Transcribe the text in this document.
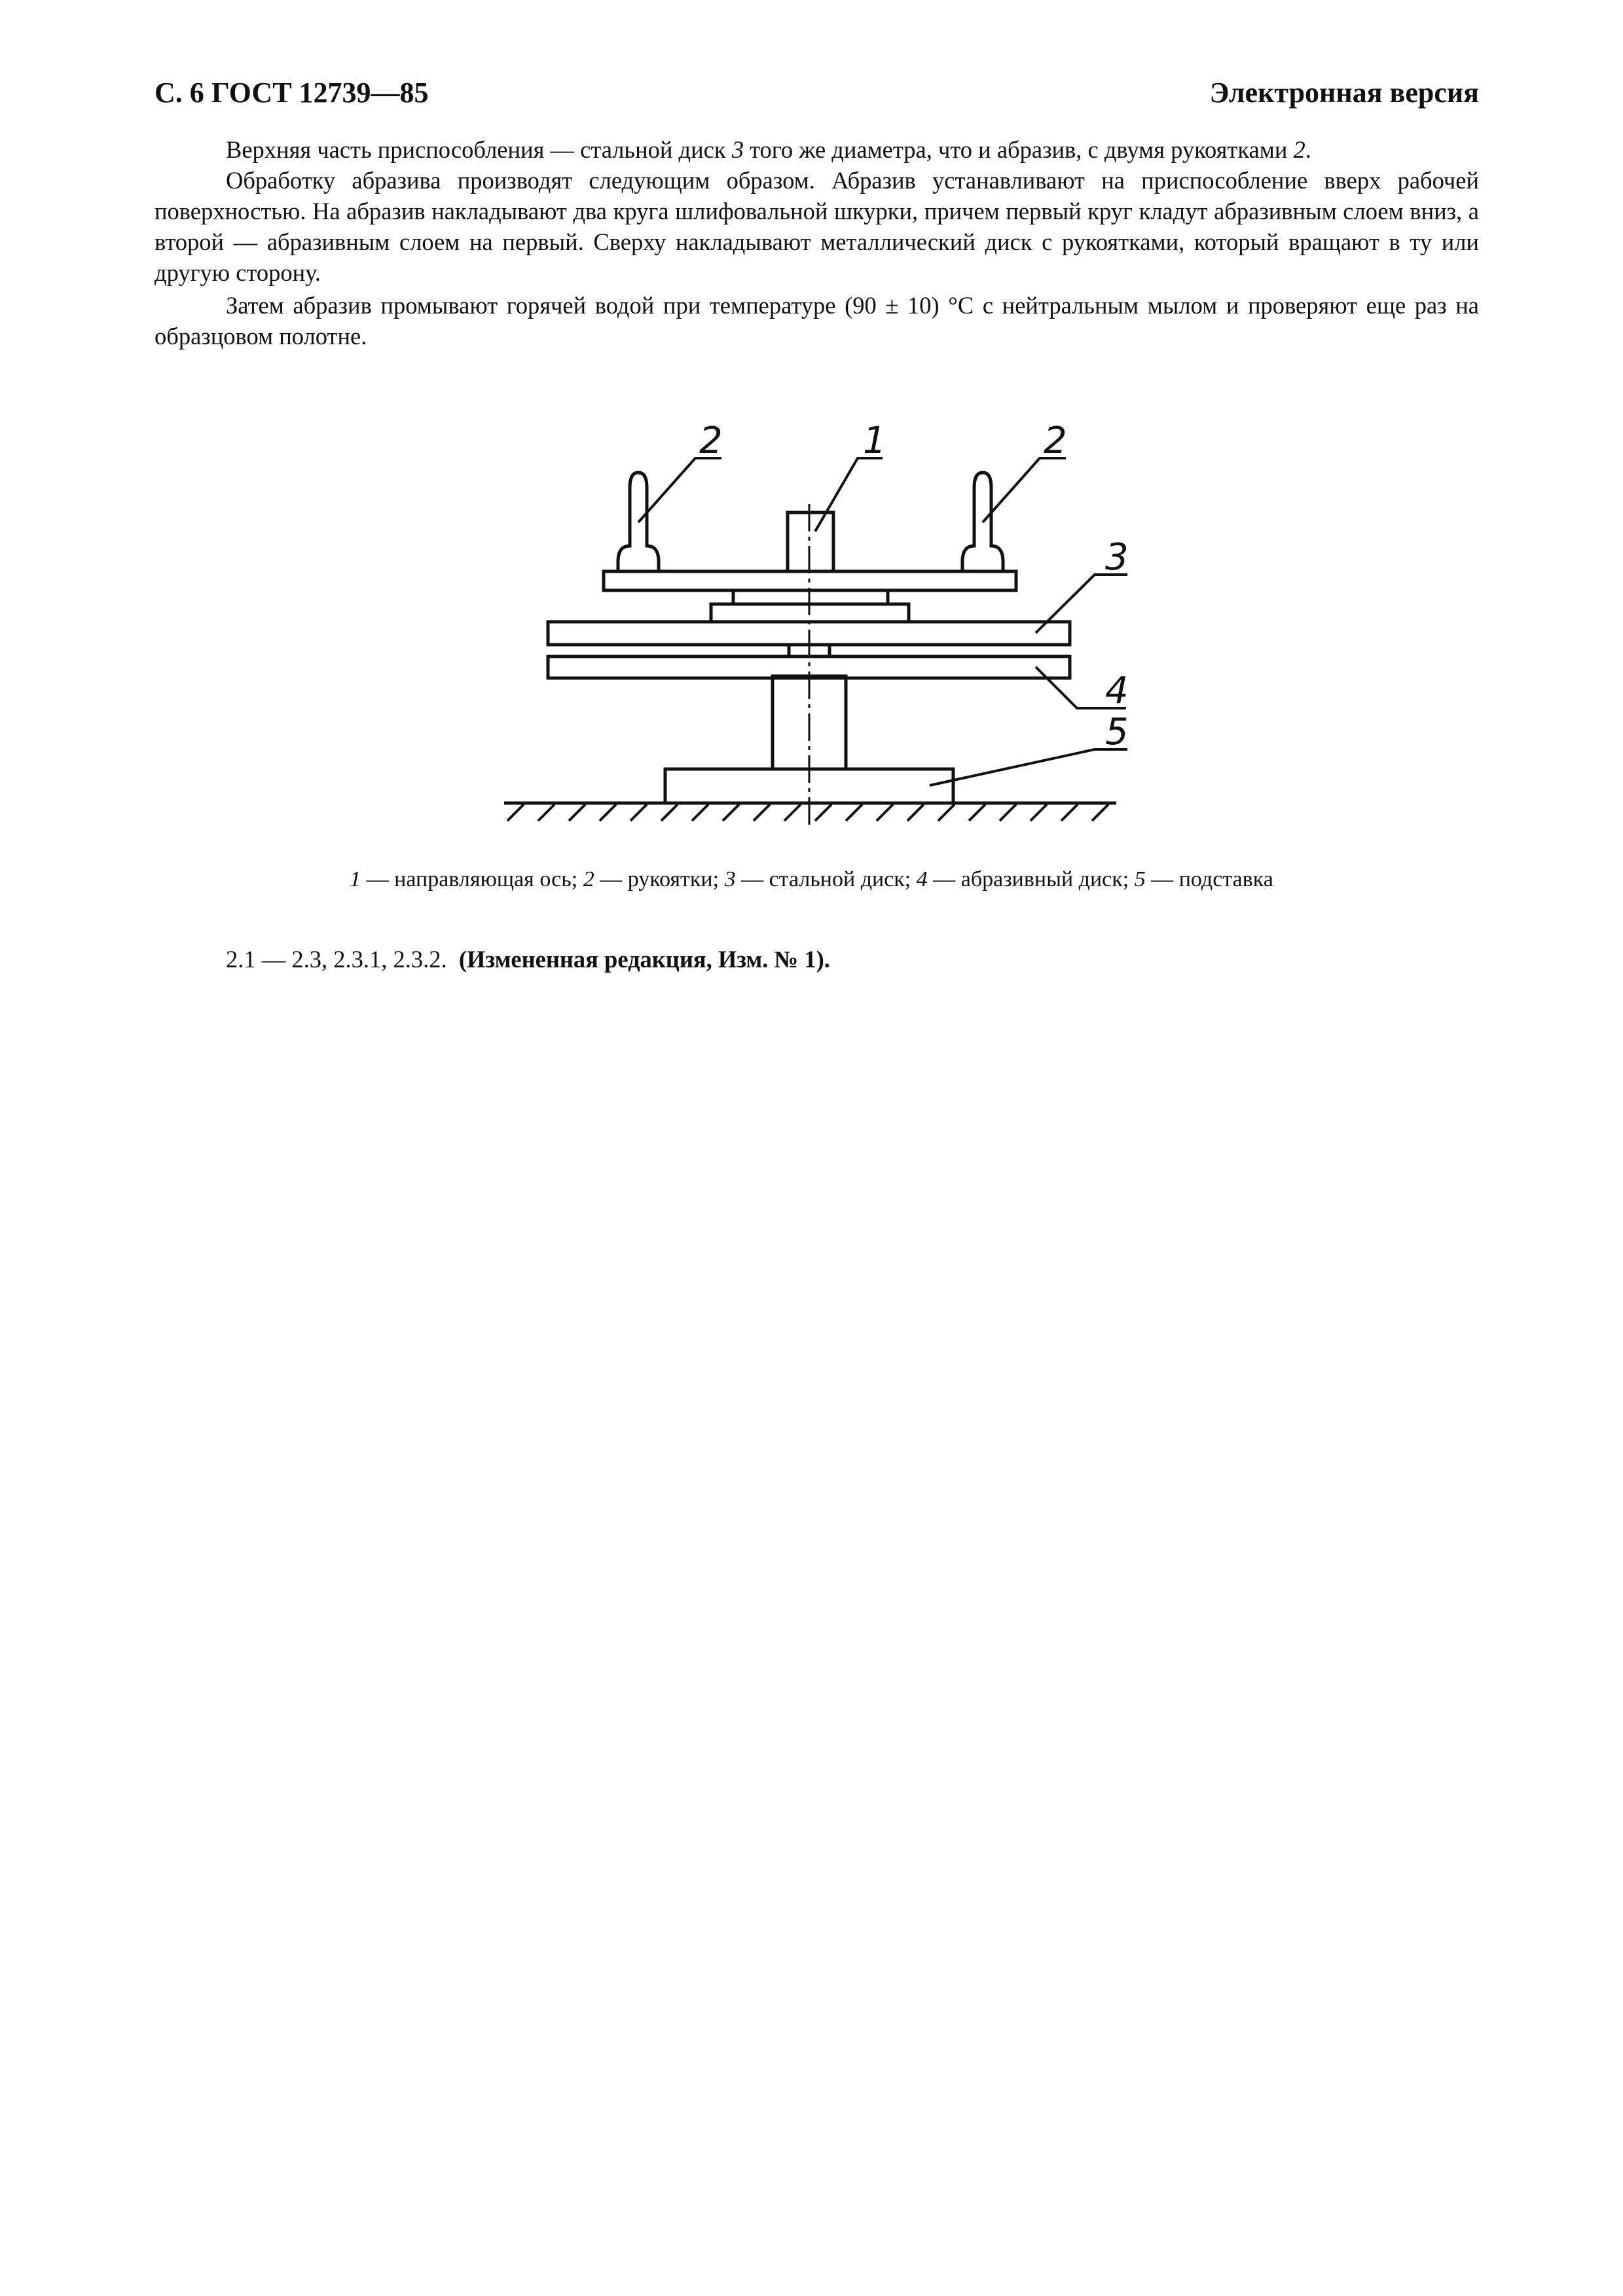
С. 6 ГОСТ 12739—85	Электронная версия

Верхняя часть приспособления — стальной диск 3 того же диаметра, что и абразив, с двумя рукоятками 2.

Обработку абразива производят следующим образом. Абразив устанавливают на приспособление вверх рабочей поверхностью. На абразив накладывают два круга шлифовальной шкурки, причем первый круг кладут абразивным слоем вниз, а второй — абразивным слоем на первый. Сверху накладывают металлический диск с рукоятками, который вращают в ту или другую сторону.

Затем абразив промывают горячей водой при температуре (90 ± 10) °C с нейтральным мылом и проверяют еще раз на образцовом полотне.

2	1	2
3
4
5
1 — направляющая ось; 2 — рукоятки; 3 — стальной диск; 4 — абразивный диск; 5 — подставка
2.1 — 2.3, 2.3.1, 2.3.2. (Измененная редакция, Изм. № 1).
